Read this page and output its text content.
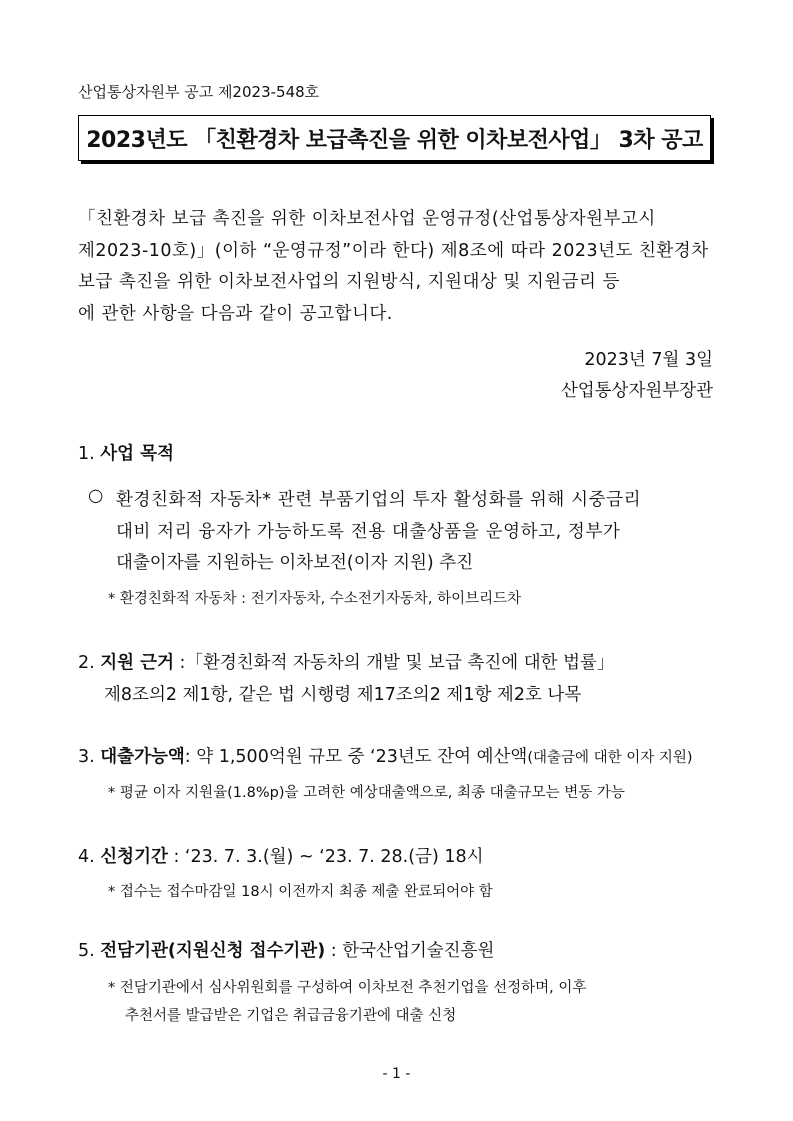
산업통상자원부 공고 제2023-548호
2023년도 「친환경차 보급촉진을 위한 이차보전사업」 3차 공고
「친환경차 보급 촉진을 위한 이차보전사업 운영규정(산업통상자원부고시
제2023-10호)」(이하 “운영규정”이라 한다) 제8조에 따라 2023년도 친환경차
보급 촉진을 위한 이차보전사업의 지원방식, 지원대상 및 지원금리 등
에 관한 사항을 다음과 같이 공고합니다.
2023년 7월 3일
산업통상자원부장관
1. 사업 목적
○ 환경친화적 자동차* 관련 부품기업의 투자 활성화를 위해 시중금리
대비 저리 융자가 가능하도록 전용 대출상품을 운영하고, 정부가
대출이자를 지원하는 이차보전(이자 지원) 추진
* 환경친화적 자동차 : 전기자동차, 수소전기자동차, 하이브리드차
2. 지원 근거 :「환경친화적 자동차의 개발 및 보급 촉진에 대한 법률」
제8조의2 제1항, 같은 법 시행령 제17조의2 제1항 제2호 나목
3. 대출가능액: 약 1,500억원 규모 중 ‘23년도 잔여 예산액(대출금에 대한 이자 지원)
* 평균 이자 지원율(1.8%p)을 고려한 예상대출액으로, 최종 대출규모는 변동 가능
4. 신청기간 : ‘23. 7. 3.(월) ~ ‘23. 7. 28.(금) 18시
* 접수는 접수마감일 18시 이전까지 최종 제출 완료되어야 함
5. 전담기관(지원신청 접수기관) : 한국산업기술진흥원
* 전담기관에서 심사위원회를 구성하여 이차보전 추천기업을 선정하며, 이후
추천서를 발급받은 기업은 취급금융기관에 대출 신청
- 1 -
